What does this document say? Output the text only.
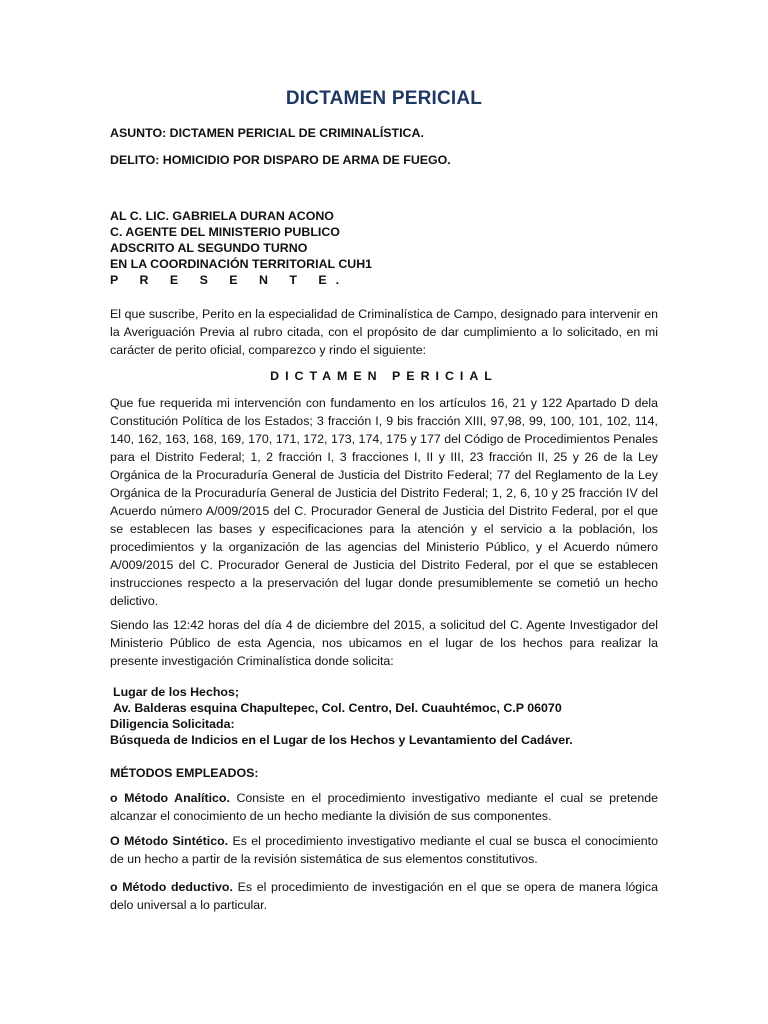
DICTAMEN PERICIAL
ASUNTO: DICTAMEN PERICIAL DE CRIMINALÍSTICA.
DELITO: HOMICIDIO POR DISPARO DE ARMA DE FUEGO.
AL C. LIC. GABRIELA DURAN ACONO
C. AGENTE DEL MINISTERIO PUBLICO
ADSCRITO AL SEGUNDO TURNO
EN LA COORDINACIÓN TERRITORIAL CUH1
P R E S E N T E.
El que suscribe, Perito en la especialidad de Criminalística de Campo, designado para intervenir en la Averiguación Previa al rubro citada, con el propósito de dar cumplimiento a lo solicitado, en mi carácter de perito oficial, comparezco y rindo el siguiente:
DICTAMEN PERICIAL
Que fue requerida mi intervención con fundamento en los artículos 16, 21 y 122 Apartado D dela Constitución Política de los Estados; 3 fracción I, 9 bis fracción XIII, 97,98, 99, 100, 101, 102, 114, 140, 162, 163, 168, 169, 170, 171, 172, 173, 174, 175 y 177 del Código de Procedimientos Penales para el Distrito Federal; 1, 2 fracción I, 3 fracciones I, II y III, 23 fracción II, 25 y 26 de la Ley Orgánica de la Procuraduría General de Justicia del Distrito Federal; 77 del Reglamento de la Ley Orgánica de la Procuraduría General de Justicia del Distrito Federal; 1, 2, 6, 10 y 25 fracción IV del Acuerdo número A/009/2015 del C. Procurador General de Justicia del Distrito Federal, por el que se establecen las bases y especificaciones para la atención y el servicio a la población, los procedimientos y la organización de las agencias del Ministerio Público, y el Acuerdo número A/009/2015 del C. Procurador General de Justicia del Distrito Federal, por el que se establecen instrucciones respecto a la preservación del lugar donde presumiblemente se cometió un hecho delictivo.
Siendo las 12:42 horas del día 4 de diciembre del 2015, a solicitud del C. Agente Investigador del Ministerio Público de esta Agencia, nos ubicamos en el lugar de los hechos para realizar la presente investigación Criminalística donde solicita:
Lugar de los Hechos;
Av. Balderas esquina Chapultepec, Col. Centro, Del. Cuauhtémoc, C.P 06070
Diligencia Solicitada:
Búsqueda de Indicios en el Lugar de los Hechos y Levantamiento del Cadáver.
MÉTODOS EMPLEADOS:
o Método Analítico. Consiste en el procedimiento investigativo mediante el cual se pretende alcanzar el conocimiento de un hecho mediante la división de sus componentes.
O Método Sintético. Es el procedimiento investigativo mediante el cual se busca el conocimiento de un hecho a partir de la revisión sistemática de sus elementos constitutivos.
o Método deductivo. Es el procedimiento de investigación en el que se opera de manera lógica delo universal a lo particular.
